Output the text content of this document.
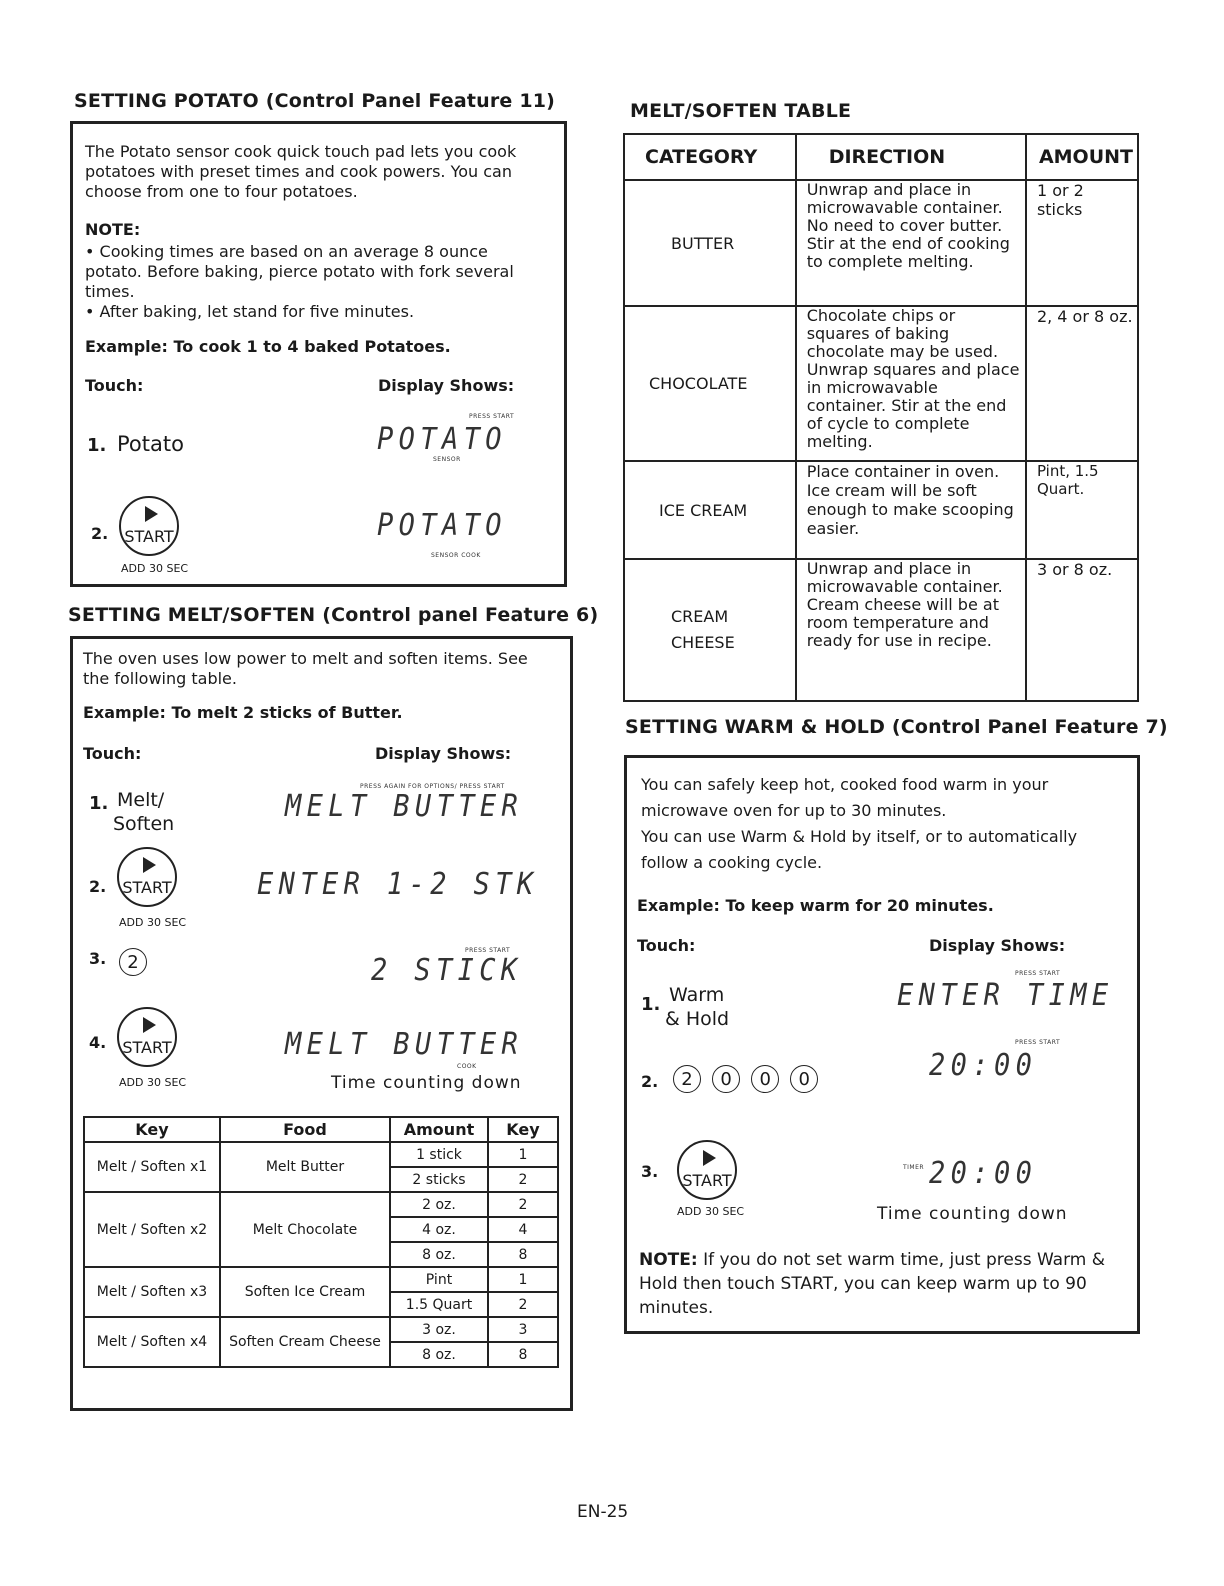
SETTING POTATO (Control Panel Feature 11)
The Potato sensor cook quick touch pad lets you cook potatoes with preset times and cook powers. You can choose from one to four potatoes.
NOTE:
• Cooking times are based on an average 8 ounce potato. Before baking, pierce potato with fork several times.
• After baking, let stand for five minutes.
Example: To cook 1 to 4 baked Potatoes.
Touch:	Display Shows:
1. Potato
PRESS START
POTATO
SENSOR
2. START
ADD 30 SEC
POTATO
SENSOR COOK
SETTING MELT/SOFTEN (Control panel Feature 6)
The oven uses low power to melt and soften items. See the following table.
Example: To melt 2 sticks of Butter.
Touch:	Display Shows:
1. Melt/
Soften
PRESS AGAIN FOR OPTIONS/ PRESS START
MELT BUTTER
2. START
ADD 30 SEC
ENTER 1-2 STK
3.	2
PRESS START
2 STICK
4. START
ADD 30 SEC
MELT BUTTER
COOK
Time counting down
Key	Food	Amount	Key
Melt / Soften x1	Melt Butter	1 stick	1
		2 sticks	2
Melt / Soften x2	Melt Chocolate	2 oz.	2
		4 oz.	4
		8 oz.	8
Melt / Soften x3	Soften Ice Cream	Pint	1
		1.5 Quart	2
Melt / Soften x4	Soften Cream Cheese	3 oz.	3
		8 oz.	8
MELT/SOFTEN TABLE
CATEGORY	DIRECTION	AMOUNT
BUTTER	Unwrap and place in microwavable container. No need to cover butter. Stir at the end of cooking to complete melting.	1 or 2 sticks
CHOCOLATE	Chocolate chips or squares of baking chocolate may be used. Unwrap squares and place in microwavable container. Stir at the end of cycle to complete melting.	2, 4 or 8 oz.
ICE CREAM	Place container in oven. Ice cream will be soft enough to make scooping easier.	Pint, 1.5 Quart.
CREAM CHEESE	Unwrap and place in microwavable container. Cream cheese will be at room temperature and ready for use in recipe.	3 or 8 oz.
SETTING WARM & HOLD (Control Panel Feature 7)
You can safely keep hot, cooked food warm in your microwave oven for up to 30 minutes.
You can use Warm & Hold by itself, or to automatically follow a cooking cycle.
Example: To keep warm for 20 minutes.
Touch:	Display Shows:
1. Warm
& Hold
PRESS START
ENTER TIME
2.	2 0 0 0
PRESS START
20:00
3. START
ADD 30 SEC
TIMER 20:00
Time counting down
NOTE: If you do not set warm time, just press Warm & Hold then touch START, you can keep warm up to 90 minutes.
EN-25
